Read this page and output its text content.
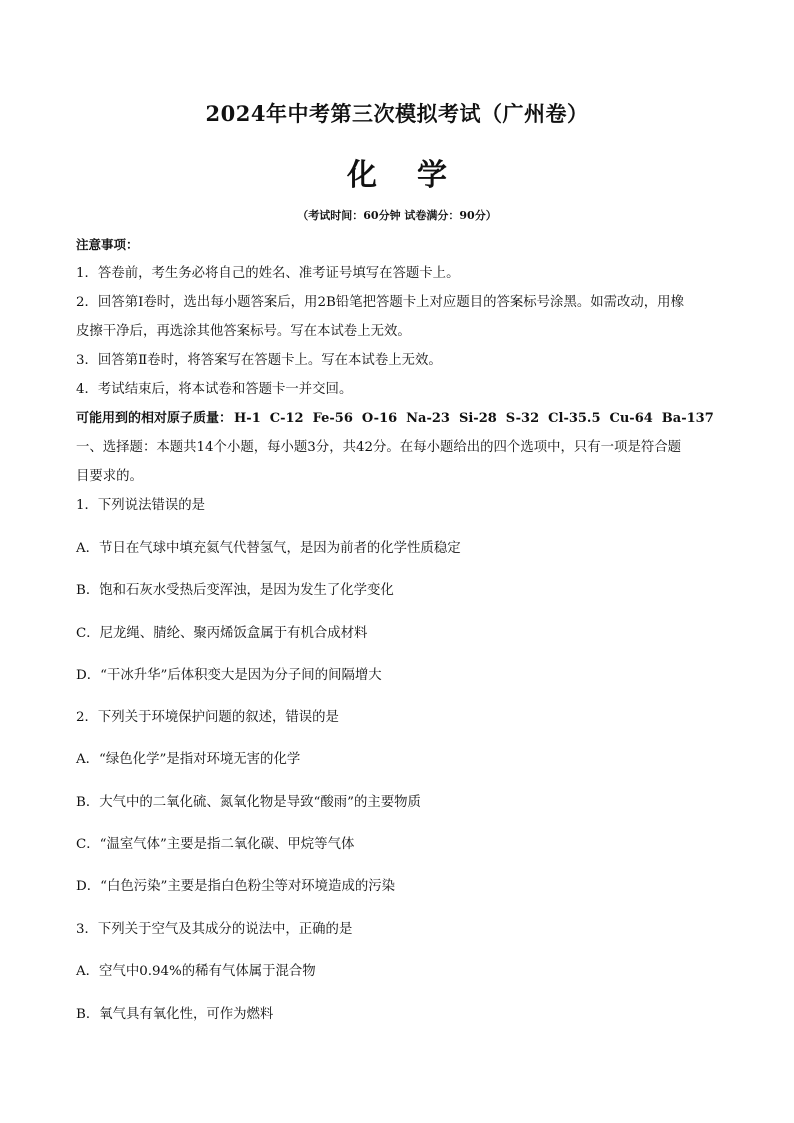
2024年中考第三次模拟考试（广州卷）
化 学
（考试时间：60分钟 试卷满分：90分）
注意事项：
1．答卷前，考生务必将自己的姓名、准考证号填写在答题卡上。
2．回答第Ⅰ卷时，选出每小题答案后，用2B铅笔把答题卡上对应题目的答案标号涂黑。如需改动，用橡
皮擦干净后，再选涂其他答案标号。写在本试卷上无效。
3．回答第Ⅱ卷时，将答案写在答题卡上。写在本试卷上无效。
4．考试结束后，将本试卷和答题卡一并交回。
可能用到的相对原子质量： H-1 C-12 Fe-56 O-16 Na-23 Si-28 S-32 Cl-35.5 Cu-64 Ba-137
一、选择题：本题共14个小题，每小题3分，共42分。在每小题给出的四个选项中，只有一项是符合题
目要求的。
1．下列说法错误的是
A．节日在气球中填充氦气代替氢气，是因为前者的化学性质稳定
B．饱和石灰水受热后变浑浊，是因为发生了化学变化
C．尼龙绳、腈纶、聚丙烯饭盒属于有机合成材料
D．“干冰升华”后体积变大是因为分子间的间隔增大
2．下列关于环境保护问题的叙述，错误的是
A．“绿色化学”是指对环境无害的化学
B．大气中的二氧化硫、氮氧化物是导致“酸雨”的主要物质
C．“温室气体”主要是指二氧化碳、甲烷等气体
D．“白色污染”主要是指白色粉尘等对环境造成的污染
3．下列关于空气及其成分的说法中，正确的是
A．空气中0.94%的稀有气体属于混合物
B．氧气具有氧化性，可作为燃料
